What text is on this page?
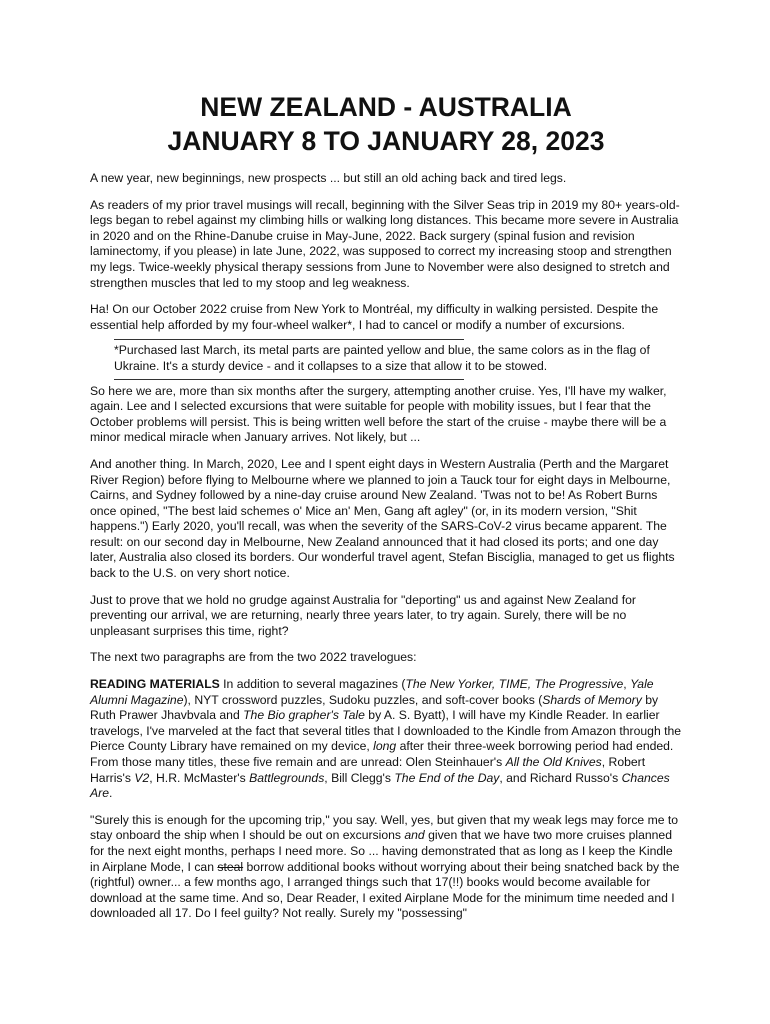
NEW ZEALAND - AUSTRALIA
JANUARY 8 TO JANUARY 28, 2023

A new year, new beginnings, new prospects ... but still an old aching back and tired legs.

As readers of my prior travel musings will recall, beginning with the Silver Seas trip in 2019 my 80+ years-old-legs began to rebel against my climbing hills or walking long distances. This became more severe in Australia in 2020 and on the Rhine-Danube cruise in May-June, 2022. Back surgery (spinal fusion and revision laminectomy, if you please) in late June, 2022, was supposed to correct my increasing stoop and strengthen my legs. Twice-weekly physical therapy sessions from June to November were also designed to stretch and strengthen muscles that led to my stoop and leg weakness.

Ha! On our October 2022 cruise from New York to Montréal, my difficulty in walking persisted. Despite the essential help afforded by my four-wheel walker*, I had to cancel or modify a number of excursions.

*Purchased last March, its metal parts are painted yellow and blue, the same colors as in the flag of Ukraine. It's a sturdy device - and it collapses to a size that allow it to be stowed.

So here we are, more than six months after the surgery, attempting another cruise. Yes, I'll have my walker, again. Lee and I selected excursions that were suitable for people with mobility issues, but I fear that the October problems will persist. This is being written well before the start of the cruise - maybe there will be a minor medical miracle when January arrives. Not likely, but ...

And another thing. In March, 2020, Lee and I spent eight days in Western Australia (Perth and the Margaret River Region) before flying to Melbourne where we planned to join a Tauck tour for eight days in Melbourne, Cairns, and Sydney followed by a nine-day cruise around New Zealand. 'Twas not to be! As Robert Burns once opined, "The best laid schemes o' Mice an' Men, Gang aft agley" (or, in its modern version, "Shit happens.") Early 2020, you'll recall, was when the severity of the SARS-CoV-2 virus became apparent. The result: on our second day in Melbourne, New Zealand announced that it had closed its ports; and one day later, Australia also closed its borders. Our wonderful travel agent, Stefan Bisciglia, managed to get us flights back to the U.S. on very short notice.

Just to prove that we hold no grudge against Australia for "deporting" us and against New Zealand for preventing our arrival, we are returning, nearly three years later, to try again. Surely, there will be no unpleasant surprises this time, right?

The next two paragraphs are from the two 2022 travelogues:

READING MATERIALS In addition to several magazines (The New Yorker, TIME, The Progressive, Yale Alumni Magazine), NYT crossword puzzles, Sudoku puzzles, and soft-cover books (Shards of Memory by Ruth Prawer Jhavbvala and The Bio grapher's Tale by A. S. Byatt), I will have my Kindle Reader. In earlier travelogs, I've marveled at the fact that several titles that I downloaded to the Kindle from Amazon through the Pierce County Library have remained on my device, long after their three-week borrowing period had ended. From those many titles, these five remain and are unread: Olen Steinhauer's All the Old Knives, Robert Harris's V2, H.R. McMaster's Battlegrounds, Bill Clegg's The End of the Day, and Richard Russo's Chances Are.

"Surely this is enough for the upcoming trip," you say. Well, yes, but given that my weak legs may force me to stay onboard the ship when I should be out on excursions and given that we have two more cruises planned for the next eight months, perhaps I need more. So ... having demonstrated that as long as I keep the Kindle in Airplane Mode, I can steal borrow additional books without worrying about their being snatched back by the (rightful) owner... a few months ago, I arranged things such that 17(!!) books would become available for download at the same time. And so, Dear Reader, I exited Airplane Mode for the minimum time needed and I downloaded all 17. Do I feel guilty? Not really. Surely my "possessing"
